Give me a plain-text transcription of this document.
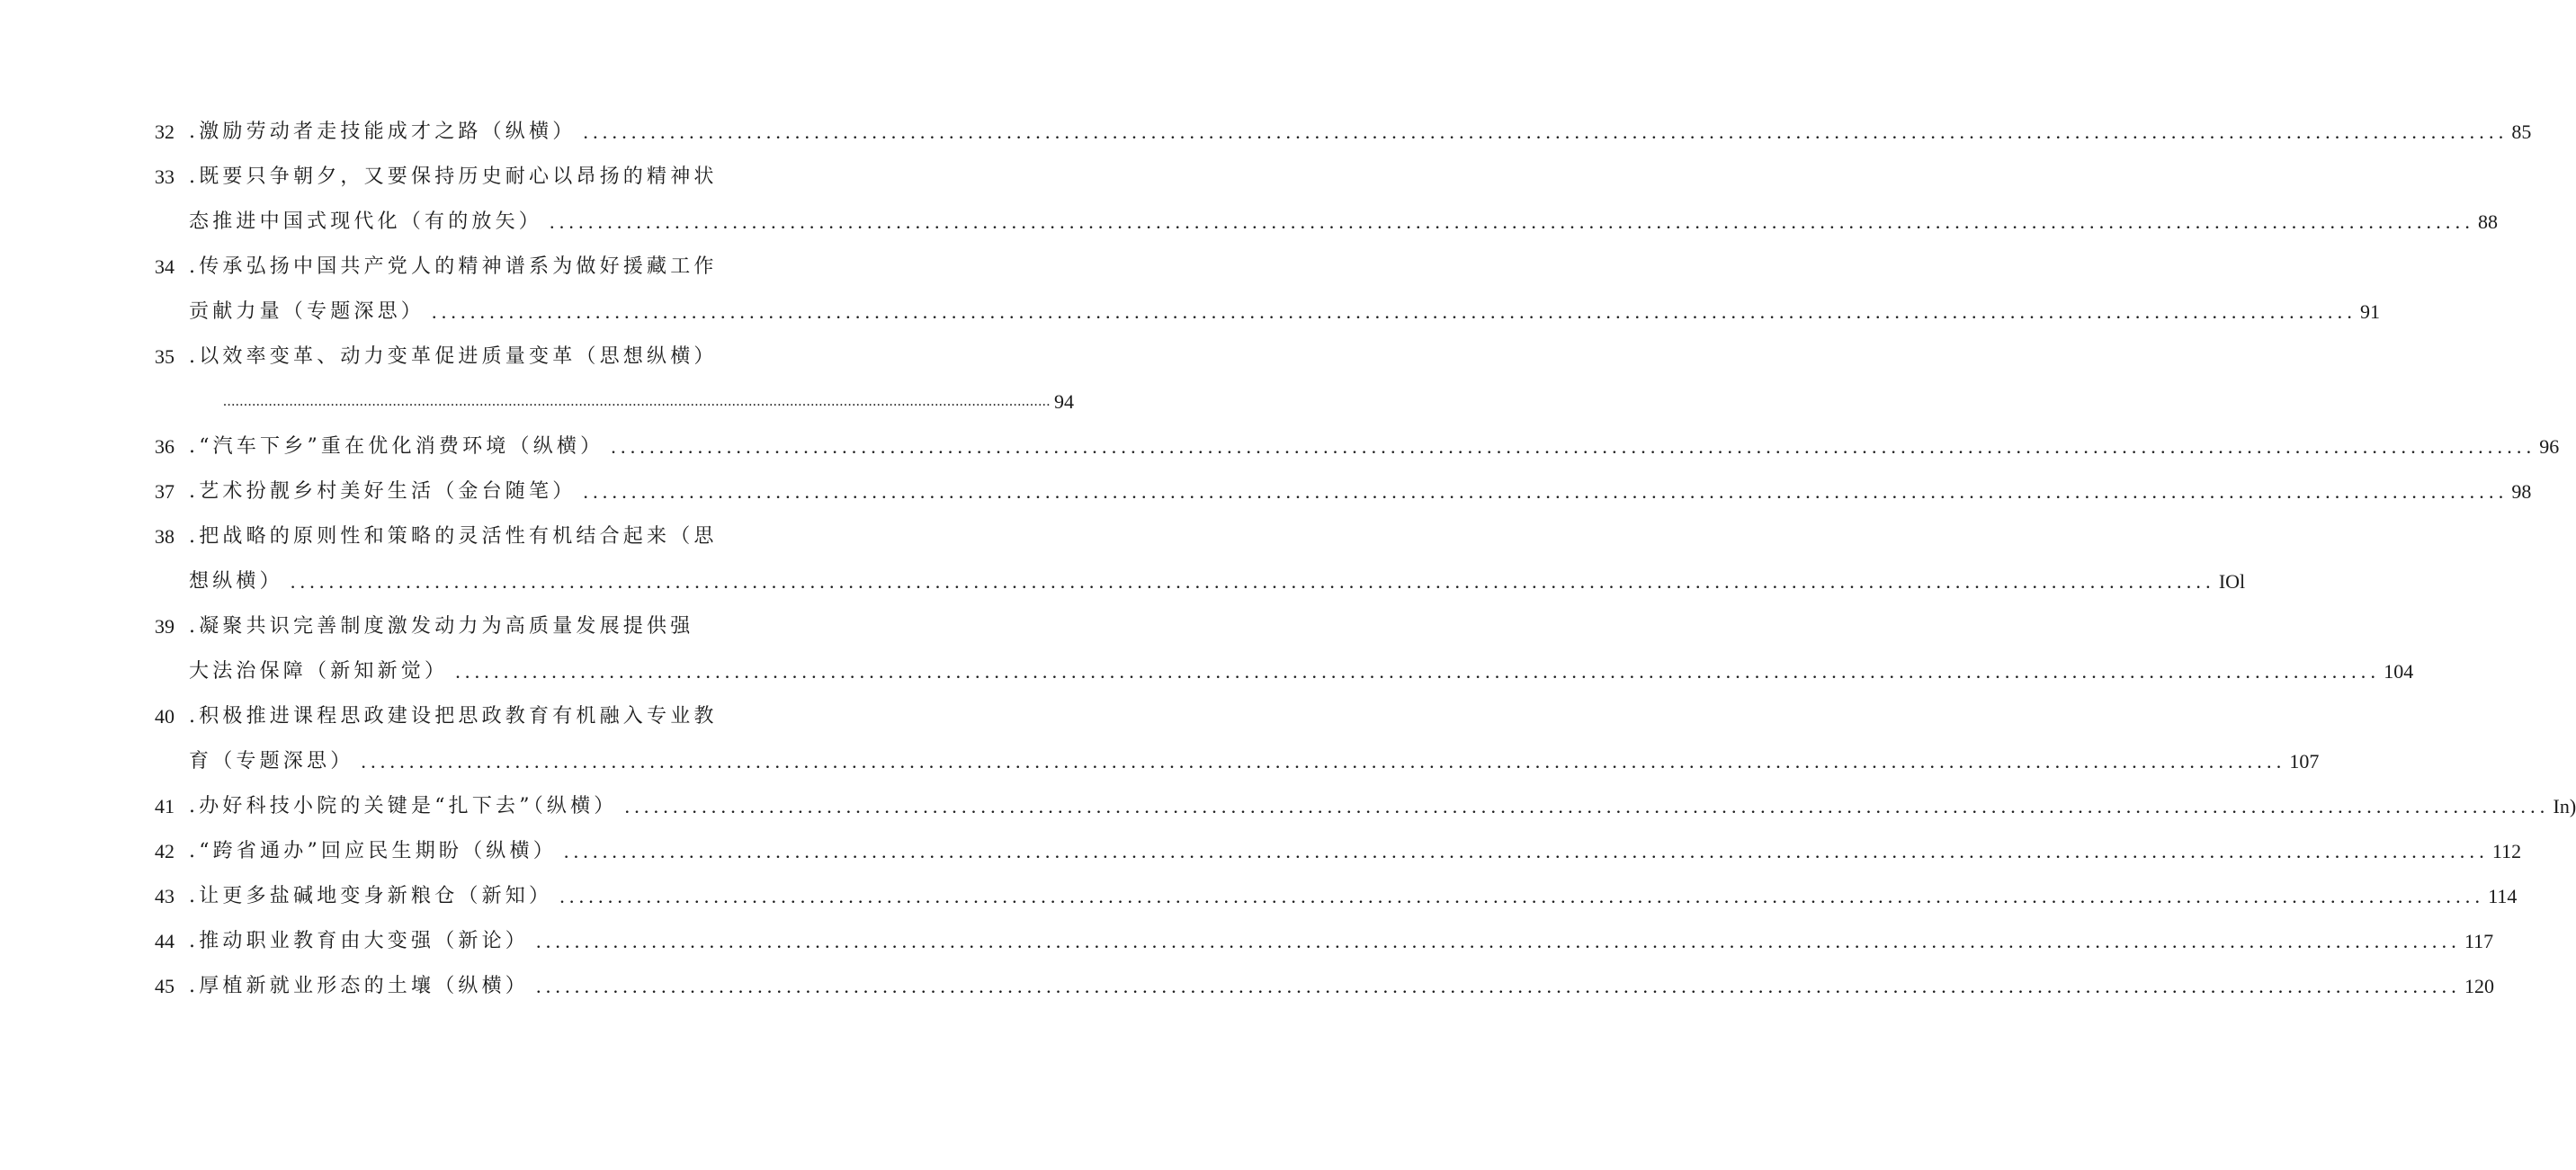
32 .激励劳动者走技能成才之路（纵横） ........................................................................................................................................................................................................ 85
33 .既要只争朝夕，又要保持历史耐心以昂扬的精神状
态推进中国式现代化（有的放矢） ........................................................................................................................................................................................................ 88
34 .传承弘扬中国共产党人的精神谱系为做好援藏工作
贡献力量（专题深思） ........................................................................................................................................................................................................ 91
35 .以效率变革、动力变革促进质量变革（思想纵横）
........................................................................................................................................................................................................ 94
36 .“汽车下乡”重在优化消费环境（纵横） ........................................................................................................................................................................................................ 96
37 .艺术扮靓乡村美好生活（金台随笔） ........................................................................................................................................................................................................ 98
38 .把战略的原则性和策略的灵活性有机结合起来（思
想纵横） ........................................................................................................................................................................................................ IOl
39 .凝聚共识完善制度激发动力为高质量发展提供强
大法治保障（新知新觉） ........................................................................................................................................................................................................ 104
40 .积极推进课程思政建设把思政教育有机融入专业教
育（专题深思） ........................................................................................................................................................................................................ 107
41 .办好科技小院的关键是“扎下去”（纵横） ........................................................................................................................................................................................................ In)
42 .“跨省通办”回应民生期盼（纵横） ........................................................................................................................................................................................................ 112
43 .让更多盐碱地变身新粮仓（新知） ........................................................................................................................................................................................................ 114
44 .推动职业教育由大变强（新论） ........................................................................................................................................................................................................ 117
45 .厚植新就业形态的土壤（纵横） ........................................................................................................................................................................................................ 120
